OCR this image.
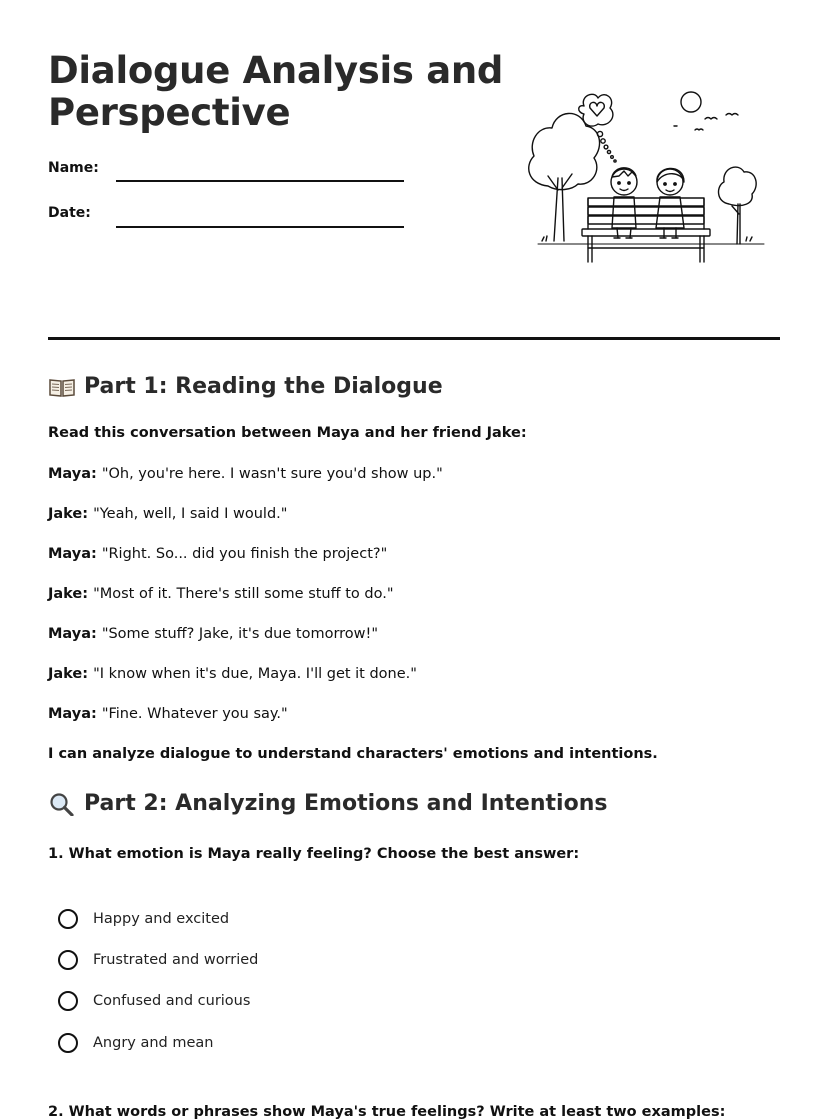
Dialogue Analysis and Perspective
Name:
Date:
Part 1: Reading the Dialogue
Read this conversation between Maya and her friend Jake:
Maya: "Oh, you're here. I wasn't sure you'd show up."
Jake: "Yeah, well, I said I would."
Maya: "Right. So... did you finish the project?"
Jake: "Most of it. There's still some stuff to do."
Maya: "Some stuff? Jake, it's due tomorrow!"
Jake: "I know when it's due, Maya. I'll get it done."
Maya: "Fine. Whatever you say."
I can analyze dialogue to understand characters' emotions and intentions.
Part 2: Analyzing Emotions and Intentions
1. What emotion is Maya really feeling? Choose the best answer:
Happy and excited
Frustrated and worried
Confused and curious
Angry and mean
2. What words or phrases show Maya's true feelings? Write at least two examples:
